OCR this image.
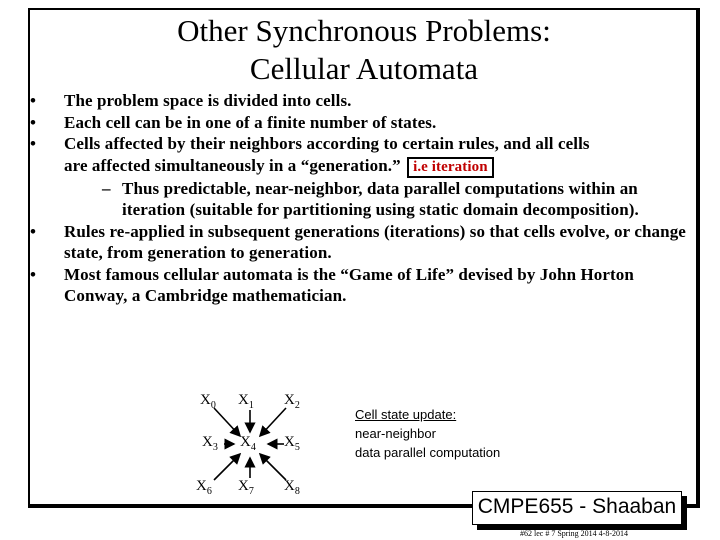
Other Synchronous Problems:
Cellular Automata
• The problem space is divided into cells.
• Each cell can be in one of a finite number of states.
• Cells affected by their neighbors according to certain rules, and all cells
are affected simultaneously in a “generation.” i.e iteration
– Thus predictable, near-neighbor, data parallel computations within an iteration (suitable for partitioning using static domain decomposition).
• Rules re-applied in subsequent generations (iterations) so that cells evolve, or change state, from generation to generation.
• Most famous cellular automata is the “Game of Life” devised by John Horton Conway, a Cambridge mathematician.
$X_0$ $X_1$ $X_2$
$X_3$ $X_4$ $X_5$
$X_6$ $X_7$ $X_8$
Cell state update:
near-neighbor
data parallel computation
CMPE655 - Shaaban
#62 lec # 7 Spring 2014 4-8-2014
